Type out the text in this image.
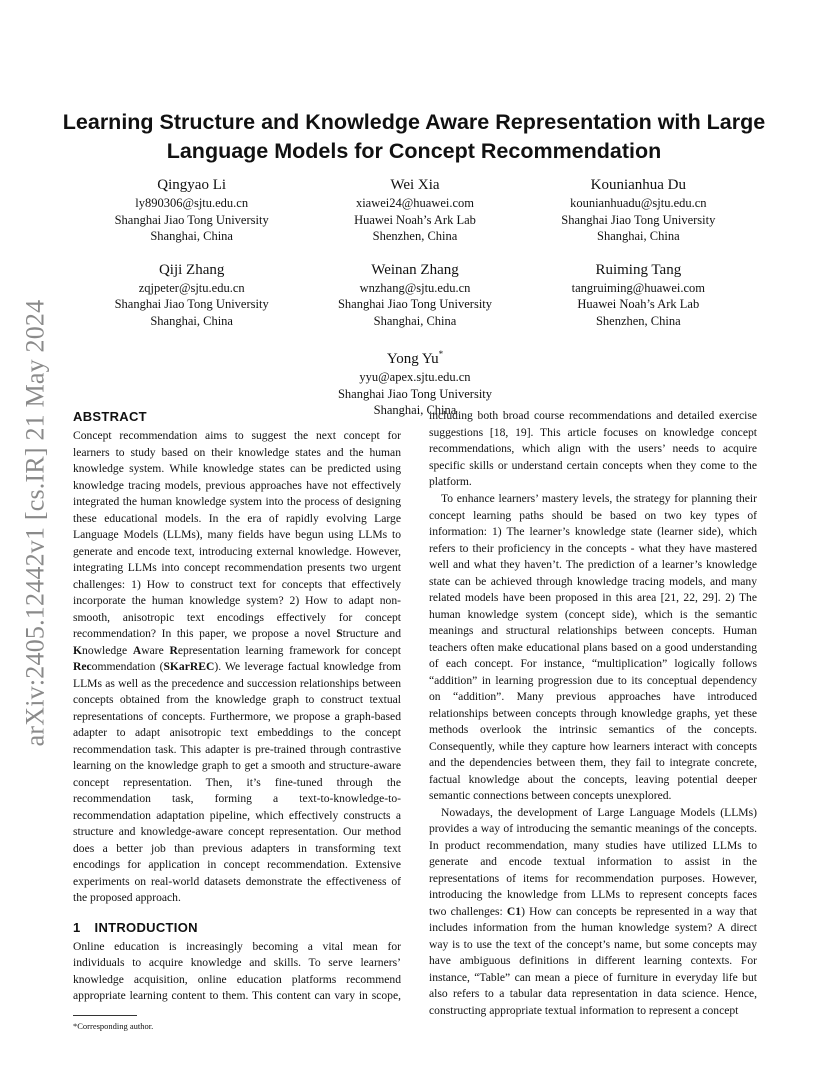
arXiv:2405.12442v1 [cs.IR] 21 May 2024
Learning Structure and Knowledge Aware Representation with Large Language Models for Concept Recommendation
Qingyao Li
ly890306@sjtu.edu.cn
Shanghai Jiao Tong University
Shanghai, China
Wei Xia
xiawei24@huawei.com
Huawei Noah’s Ark Lab
Shenzhen, China
Kounianhua Du
kounianhuadu@sjtu.edu.cn
Shanghai Jiao Tong University
Shanghai, China
Qiji Zhang
zqjpeter@sjtu.edu.cn
Shanghai Jiao Tong University
Shanghai, China
Weinan Zhang
wnzhang@sjtu.edu.cn
Shanghai Jiao Tong University
Shanghai, China
Ruiming Tang
tangruiming@huawei.com
Huawei Noah’s Ark Lab
Shenzhen, China
Yong Yu*
yyu@apex.sjtu.edu.cn
Shanghai Jiao Tong University
Shanghai, China
ABSTRACT

Concept recommendation aims to suggest the next concept for learners to study based on their knowledge states and the human knowledge system. While knowledge states can be predicted using knowledge tracing models, previous approaches have not effectively integrated the human knowledge system into the process of designing these educational models. In the era of rapidly evolving Large Language Models (LLMs), many fields have begun using LLMs to generate and encode text, introducing external knowledge. However, integrating LLMs into concept recommendation presents two urgent challenges: 1) How to construct text for concepts that effectively incorporate the human knowledge system? 2) How to adapt non-smooth, anisotropic text encodings effectively for concept recommendation? In this paper, we propose a novel Structure and Knowledge Aware Representation learning framework for concept Recommendation (SKarREC). We leverage factual knowledge from LLMs as well as the precedence and succession relationships between concepts obtained from the knowledge graph to construct textual representations of concepts. Furthermore, we propose a graph-based adapter to adapt anisotropic text embeddings to the concept recommendation task. This adapter is pre-trained through contrastive learning on the knowledge graph to get a smooth and structure-aware concept representation. Then, it’s fine-tuned through the recommendation task, forming a text-to-knowledge-to-recommendation adaptation pipeline, which effectively constructs a structure and knowledge-aware concept representation. Our method does a better job than previous adapters in transforming text encodings for application in concept recommendation. Extensive experiments on real-world datasets demonstrate the effectiveness of the proposed approach.

1 INTRODUCTION

Online education is increasingly becoming a vital mean for individuals to acquire knowledge and skills. To serve learners’ knowledge acquisition, online education platforms recommend appropriate learning content to them. This content can vary in scope,

*Corresponding author.

including both broad course recommendations and detailed exercise suggestions [18, 19]. This article focuses on knowledge concept recommendations, which align with the users’ needs to acquire specific skills or understand certain concepts when they come to the platform.

To enhance learners’ mastery levels, the strategy for planning their concept learning paths should be based on two key types of information: 1) The learner’s knowledge state (learner side), which refers to their proficiency in the concepts - what they have mastered well and what they haven’t. The prediction of a learner’s knowledge state can be achieved through knowledge tracing models, and many related models have been proposed in this area [21, 22, 29]. 2) The human knowledge system (concept side), which is the semantic meanings and structural relationships between concepts. Human teachers often make educational plans based on a good understanding of each concept. For instance, “multiplication” logically follows “addition” in learning progression due to its conceptual dependency on “addition”. Many previous approaches have introduced relationships between concepts through knowledge graphs, yet these methods overlook the intrinsic semantics of the concepts. Consequently, while they capture how learners interact with concepts and the dependencies between them, they fail to integrate concrete, factual knowledge about the concepts, leaving potential deeper semantic connections between concepts unexplored.

Nowadays, the development of Large Language Models (LLMs) provides a way of introducing the semantic meanings of the concepts. In product recommendation, many studies have utilized LLMs to generate and encode textual information to assist in the representations of items for recommendation purposes. However, introducing the knowledge from LLMs to represent concepts faces two challenges: C1) How can concepts be represented in a way that includes information from the human knowledge system? A direct way is to use the text of the concept’s name, but some concepts may have ambiguous definitions in different learning contexts. For instance, “Table” can mean a piece of furniture in everyday life but also refers to a tabular data representation in data science. Hence, constructing appropriate textual information to represent a concept
